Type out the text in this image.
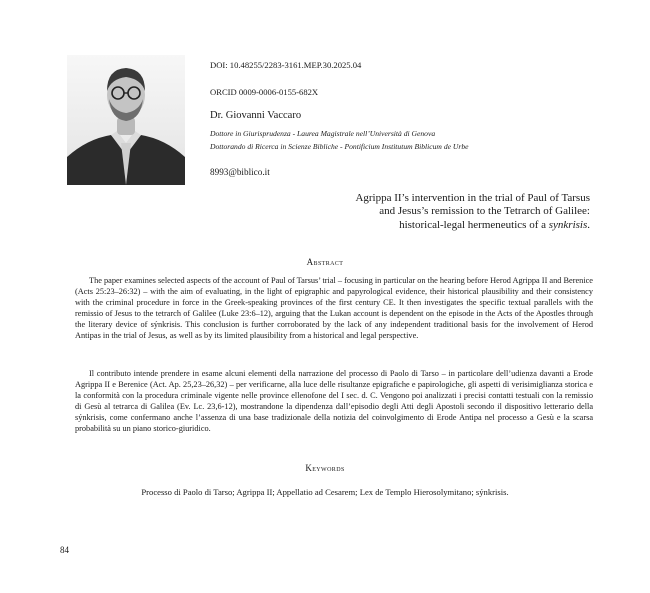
DOI: 10.48255/2283-3161.MEP.30.2025.04
ORCID 0009-0006-0155-682X
Dr. Giovanni Vaccaro
Dottore in Giurisprudenza - Laurea Magistrale nell’Università di Genova
Dottorando di Ricerca in Scienze Bibliche - Pontificium Institutum Biblicum de Urbe
8993@biblico.it
Agrippa II’s intervention in the trial of Paul of Tarsus
and Jesus’s remission to the Tetrarch of Galilee:
historical-legal hermeneutics of a synkrisis.
Abstract

The paper examines selected aspects of the account of Paul of Tarsus’ trial – focusing in particular on the hearing before Herod Agrippa II and Berenice (Acts 25:23–26:32) – with the aim of evaluating, in the light of epigraphic and papyrological evidence, their historical plausibility and their consistency with the criminal procedure in force in the Greek-speaking provinces of the first century CE. It then investigates the specific textual parallels with the remissio of Jesus to the tetrarch of Galilee (Luke 23:6–12), arguing that the Lukan account is dependent on the episode in the Acts of the Apostles through the literary device of sýnkrisis. This conclusion is further corroborated by the lack of any independent traditional basis for the involvement of Herod Antipas in the trial of Jesus, as well as by its limited plausibility from a historical and legal perspective.

Il contributo intende prendere in esame alcuni elementi della narrazione del processo di Paolo di Tarso – in particolare dell’udienza davanti a Erode Agrippa II e Berenice (Act. Ap. 25,23–26,32) – per verificarne, alla luce delle risultanze epigrafiche e papirologiche, gli aspetti di verisimiglianza storica e la conformità con la procedura criminale vigente nelle province ellenofone del I sec. d. C. Vengono poi analizzati i precisi contatti testuali con la remissio di Gesù al tetrarca di Galilea (Ev. Lc. 23,6-12), mostrandone la dipendenza dall’episodio degli Atti degli Apostoli secondo il dispositivo letterario della sýnkrisis, come confermano anche l’assenza di una base tradizionale della notizia del coinvolgimento di Erode Antipa nel processo a Gesù e la scarsa probabilità su un piano storico-giuridico.

Keywords
Processo di Paolo di Tarso; Agrippa II; Appellatio ad Cesarem; Lex de Templo Hierosolymitano; sýnkrisis.
84
